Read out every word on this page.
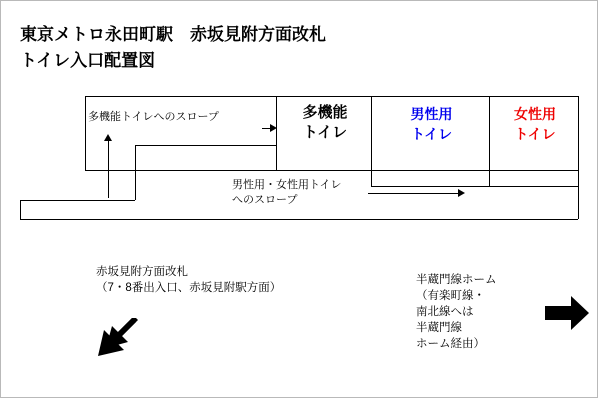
東京メトロ永田町駅　赤坂見附方面改札
トイレ入口配置図
多機能
トイレ
男性用
トイレ
女性用
トイレ
多機能トイレへのスロープ
男性用・女性用トイレ
へのスロープ
赤坂見附方面改札
（7・8番出入口、赤坂見附駅方面）
半蔵門線ホーム
（有楽町線・
南北線へは
半蔵門線
ホーム経由）
